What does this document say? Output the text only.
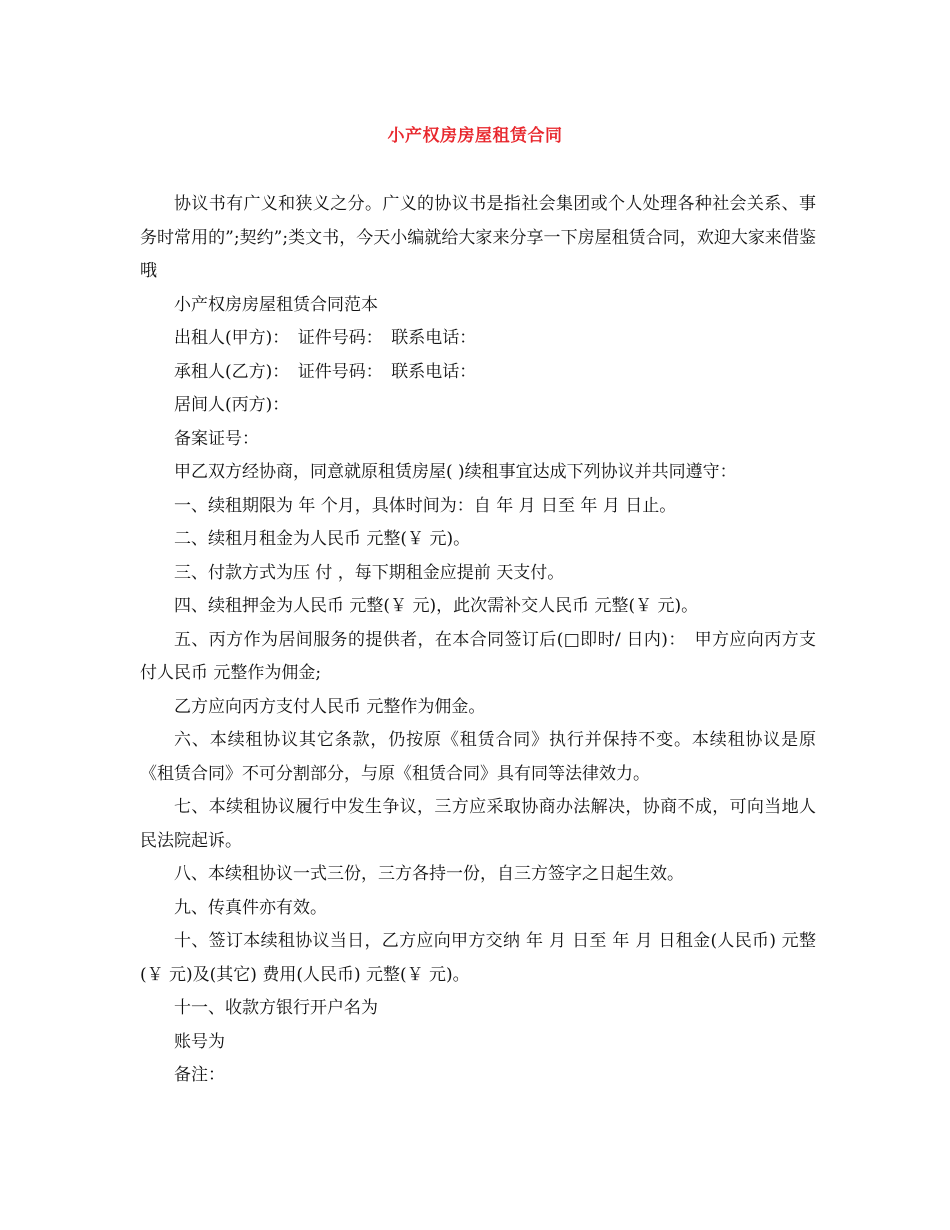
小产权房房屋租赁合同

协议书有广义和狭义之分。广义的协议书是指社会集团或个人处理各种社会关系、事务时常用的”;契约”;类文书，今天小编就给大家来分享一下房屋租赁合同，欢迎大家来借鉴哦

小产权房房屋租赁合同范本

出租人(甲方)：　证件号码：　联系电话：

承租人(乙方)：　证件号码：　联系电话：

居间人(丙方)：

备案证号：

甲乙双方经协商，同意就原租赁房屋( )续租事宜达成下列协议并共同遵守：

一、续租期限为 年 个月，具体时间为：自 年 月 日至 年 月 日止。

二、续租月租金为人民币 元整(￥ 元)。

三、付款方式为压 付 ，每下期租金应提前 天支付。

四、续租押金为人民币 元整(￥ 元)，此次需补交人民币 元整(￥ 元)。

五、丙方作为居间服务的提供者，在本合同签订后(□即时/ 日内)：　甲方应向丙方支付人民币 元整作为佣金;

乙方应向丙方支付人民币 元整作为佣金。

六、本续租协议其它条款，仍按原《租赁合同》执行并保持不变。本续租协议是原《租赁合同》不可分割部分，与原《租赁合同》具有同等法律效力。

七、本续租协议履行中发生争议，三方应采取协商办法解决，协商不成，可向当地人民法院起诉。

八、本续租协议一式三份，三方各持一份，自三方签字之日起生效。

九、传真件亦有效。

十、签订本续租协议当日，乙方应向甲方交纳 年 月 日至 年 月 日租金(人民币) 元整(￥ 元)及(其它) 费用(人民币) 元整(￥ 元)。

十一、收款方银行开户名为

账号为

备注：
